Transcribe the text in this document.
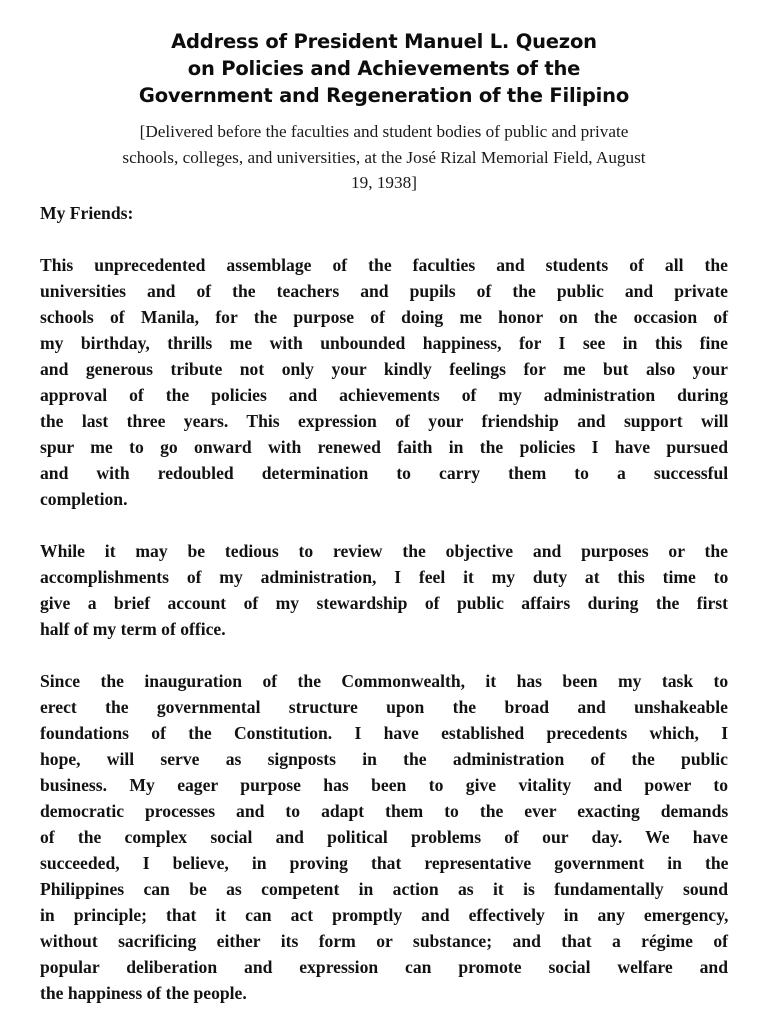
Address of President Manuel L. Quezon
on Policies and Achievements of the
Government and Regeneration of the Filipino
[Delivered before the faculties and student bodies of public and private
schools, colleges, and universities, at the José Rizal Memorial Field, August
19, 1938]

My Friends:

This unprecedented assemblage of the faculties and students of all the
universities and of the teachers and pupils of the public and private
schools of Manila, for the purpose of doing me honor on the occasion of
my birthday, thrills me with unbounded happiness, for I see in this fine
and generous tribute not only your kindly feelings for me but also your
approval of the policies and achievements of my administration during
the last three years. This expression of your friendship and support will
spur me to go onward with renewed faith in the policies I have pursued
and with redoubled determination to carry them to a successful
completion.

While it may be tedious to review the objective and purposes or the
accomplishments of my administration, I feel it my duty at this time to
give a brief account of my stewardship of public affairs during the first
half of my term of office.

Since the inauguration of the Commonwealth, it has been my task to
erect the governmental structure upon the broad and unshakeable
foundations of the Constitution. I have established precedents which, I
hope, will serve as signposts in the administration of the public
business. My eager purpose has been to give vitality and power to
democratic processes and to adapt them to the ever exacting demands
of the complex social and political problems of our day. We have
succeeded, I believe, in proving that representative government in the
Philippines can be as competent in action as it is fundamentally sound
in principle; that it can act promptly and effectively in any emergency,
without sacrificing either its form or substance; and that a régime of
popular deliberation and expression can promote social welfare and
the happiness of the people.
